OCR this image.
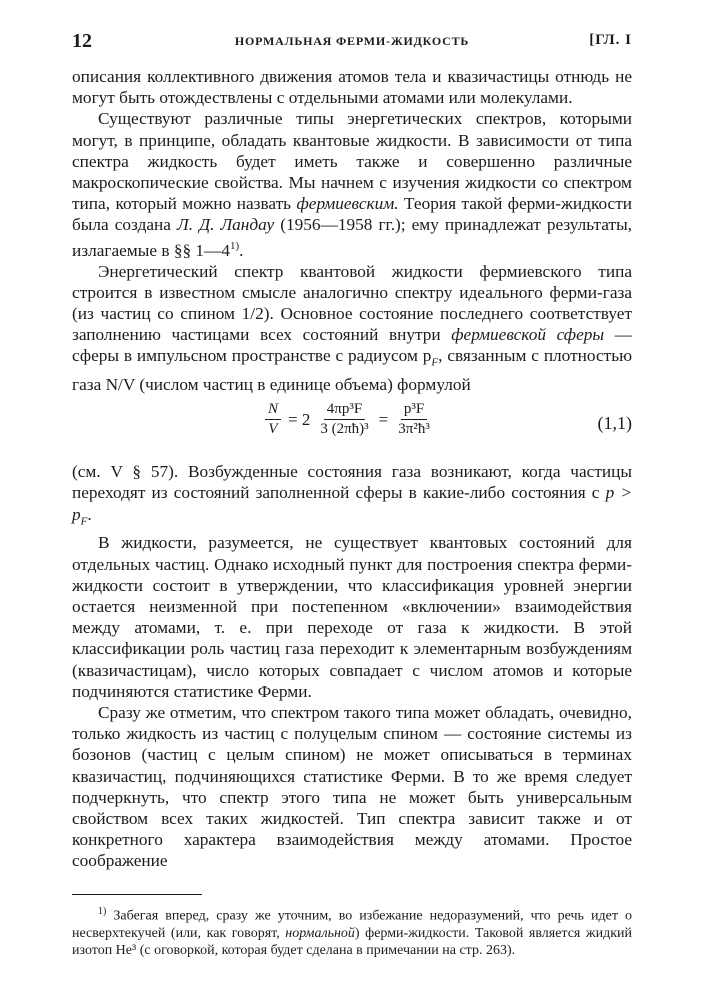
12	НОРМАЛЬНАЯ ФЕРМИ-ЖИДКОСТЬ	[ГЛ. I

описания коллективного движения атомов тела и квазичастицы отнюдь не могут быть отождествлены с отдельными атомами или молекулами.

Существуют различные типы энергетических спектров, которыми могут, в принципе, обладать квантовые жидкости. В зависимости от типа спектра жидкость будет иметь также и совершенно различные макроскопические свойства. Мы начнем с изучения жидкости со спектром типа, который можно назвать фермиевским. Теория такой ферми-жидкости была создана Л. Д. Ландау (1956—1958 гг.); ему принадлежат результаты, излагаемые в §§ 1—4$^{1)}$.

Энергетический спектр квантовой жидкости фермиевского типа строится в известном смысле аналогично спектру идеального ферми-газа (из частиц со спином 1/2). Основное состояние последнего соответствует заполнению частицами всех состояний внутри фермиевской сферы — сферы в импульсном пространстве с радиусом $p_F$, связанным с плотностью газа N/V (числом частиц в единице объема) формулой

$\frac{N}{V} = 2 \frac{\text{4πp³F}}{\text{3 (2πħ)³}} = \frac{\text{p³F}}{\text{3π²ħ³}}$	(1,1)

(см. V § 57). Возбужденные состояния газа возникают, когда частицы переходят из состояний заполненной сферы в какие-либо состояния с $p > p_F$.

В жидкости, разумеется, не существует квантовых состояний для отдельных частиц. Однако исходный пункт для построения спектра ферми-жидкости состоит в утверждении, что классификация уровней энергии остается неизменной при постепенном «включении» взаимодействия между атомами, т. е. при переходе от газа к жидкости. В этой классификации роль частиц газа переходит к элементарным возбуждениям (квазичастицам), число которых совпадает с числом атомов и которые подчиняются статистике Ферми.

Сразу же отметим, что спектром такого типа может обладать, очевидно, только жидкость из частиц с полуцелым спином — состояние системы из бозонов (частиц с целым спином) не может описываться в терминах квазичастиц, подчиняющихся статистике Ферми. В то же время следует подчеркнуть, что спектр этого типа не может быть универсальным свойством всех таких жидкостей. Тип спектра зависит также и от конкретного характера взаимодействия между атомами. Простое соображение

$^{1)}$ Забегая вперед, сразу же уточним, во избежание недоразумений, что речь идет о несверхтекучей (или, как говорят, нормальной) ферми-жидкости. Таковой является жидкий изотоп He³ (с оговоркой, которая будет сделана в примечании на стр. 263).
